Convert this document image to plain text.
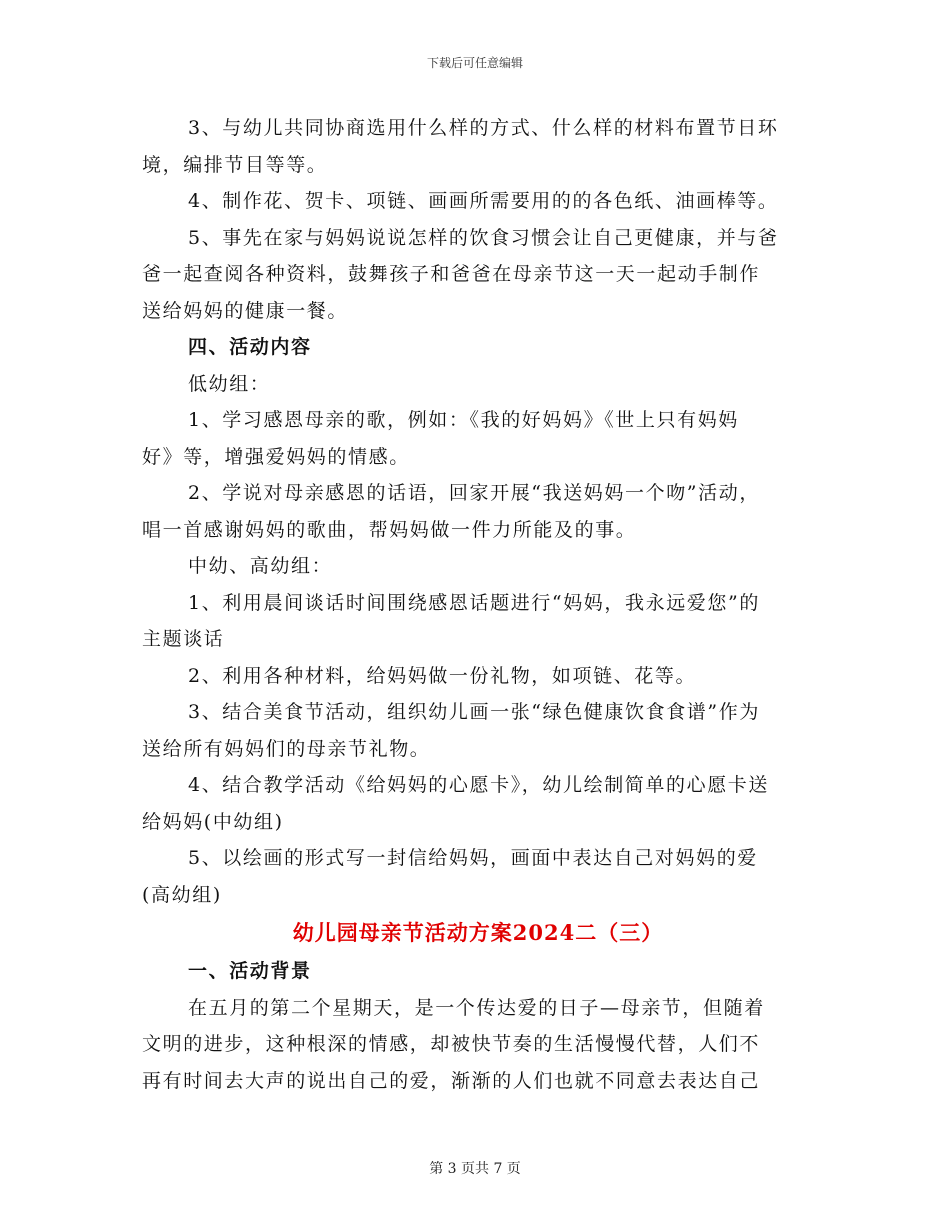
下载后可任意编辑
3、与幼儿共同协商选用什么样的方式、什么样的材料布置节日环
境，编排节目等等。
4、制作花、贺卡、项链、画画所需要用的的各色纸、油画棒等。
5、事先在家与妈妈说说怎样的饮食习惯会让自己更健康，并与爸
爸一起查阅各种资料，鼓舞孩子和爸爸在母亲节这一天一起动手制作
送给妈妈的健康一餐。
四、活动内容
低幼组：
1、学习感恩母亲的歌，例如：《我的好妈妈》《世上只有妈妈
好》等，增强爱妈妈的情感。
2、学说对母亲感恩的话语，回家开展“我送妈妈一个吻”活动，
唱一首感谢妈妈的歌曲，帮妈妈做一件力所能及的事。
中幼、高幼组：
1、利用晨间谈话时间围绕感恩话题进行“妈妈，我永远爱您”的
主题谈话
2、利用各种材料，给妈妈做一份礼物，如项链、花等。
3、结合美食节活动，组织幼儿画一张“绿色健康饮食食谱”作为
送给所有妈妈们的母亲节礼物。
4、结合教学活动《给妈妈的心愿卡》，幼儿绘制简单的心愿卡送
给妈妈(中幼组)
5、以绘画的形式写一封信给妈妈，画面中表达自己对妈妈的爱
(高幼组)
幼儿园母亲节活动方案2024二（三）
一、活动背景
在五月的第二个星期天，是一个传达爱的日子—母亲节，但随着
文明的进步，这种根深的情感，却被快节奏的生活慢慢代替，人们不
再有时间去大声的说出自己的爱，渐渐的人们也就不同意去表达自己
第 3 页共 7 页
